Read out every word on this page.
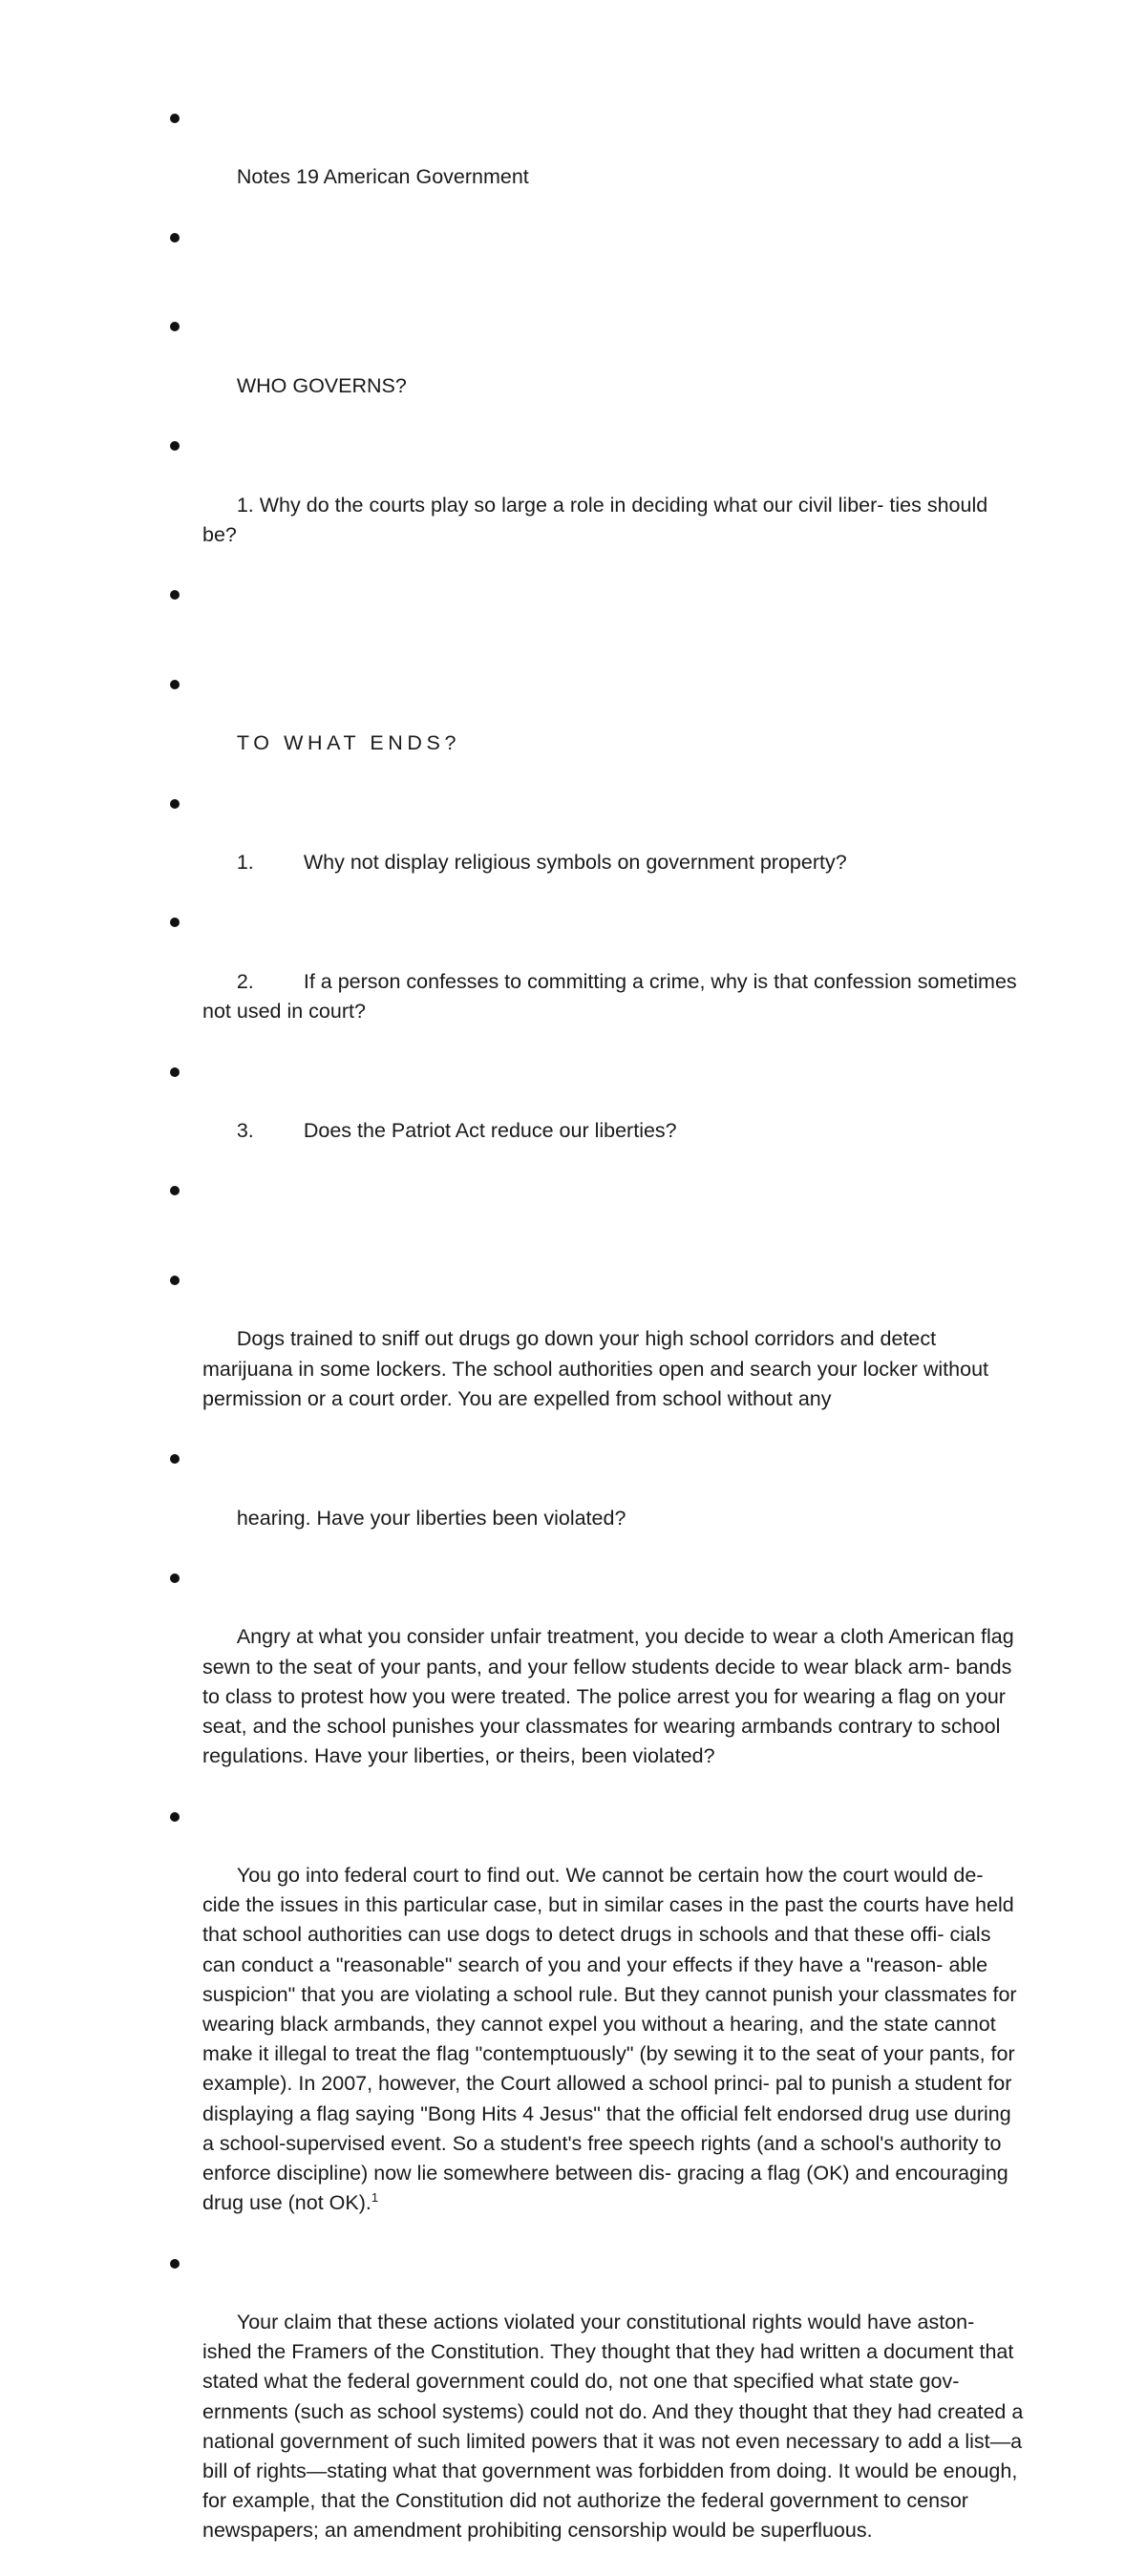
Notes 19 American Government

WHO GOVERNS?

1. Why do the courts play so large a role in deciding what our civil liber- ties should be?

TO WHAT ENDS?

1. Why not display religious symbols on government property?

2. If a person confesses to committing a crime, why is that confession sometimes not used in court?

3. Does the Patriot Act reduce our liberties?

Dogs trained to sniff out drugs go down your high school corridors and detect marijuana in some lockers. The school authorities open and search your locker without permission or a court order. You are expelled from school without any

hearing. Have your liberties been violated?

Angry at what you consider unfair treatment, you decide to wear a cloth American flag sewn to the seat of your pants, and your fellow students decide to wear black arm- bands to class to protest how you were treated. The police arrest you for wearing a flag on your seat, and the school punishes your classmates for wearing armbands contrary to school regulations. Have your liberties, or theirs, been violated?

You go into federal court to find out. We cannot be certain how the court would de- cide the issues in this particular case, but in similar cases in the past the courts have held that school authorities can use dogs to detect drugs in schools and that these offi- cials can conduct a "reasonable" search of you and your effects if they have a "reason- able suspicion" that you are violating a school rule. But they cannot punish your classmates for wearing black armbands, they cannot expel you without a hearing, and the state cannot make it illegal to treat the flag "contemptuously" (by sewing it to the seat of your pants, for example). In 2007, however, the Court allowed a school princi- pal to punish a student for displaying a flag saying "Bong Hits 4 Jesus" that the official felt endorsed drug use during a school-supervised event. So a student's free speech rights (and a school's authority to enforce discipline) now lie somewhere between dis- gracing a flag (OK) and encouraging drug use (not OK).$^1$

Your claim that these actions violated your constitutional rights would have aston- ished the Framers of the Constitution. They thought that they had written a document that stated what the federal government could do, not one that specified what state gov- ernments (such as school systems) could not do. And they thought that they had created a national government of such limited powers that it was not even necessary to add a list—a bill of rights—stating what that government was forbidden from doing. It would be enough, for example, that the Constitution did not authorize the federal government to censor newspapers; an amendment prohibiting censorship would be superfluous.
